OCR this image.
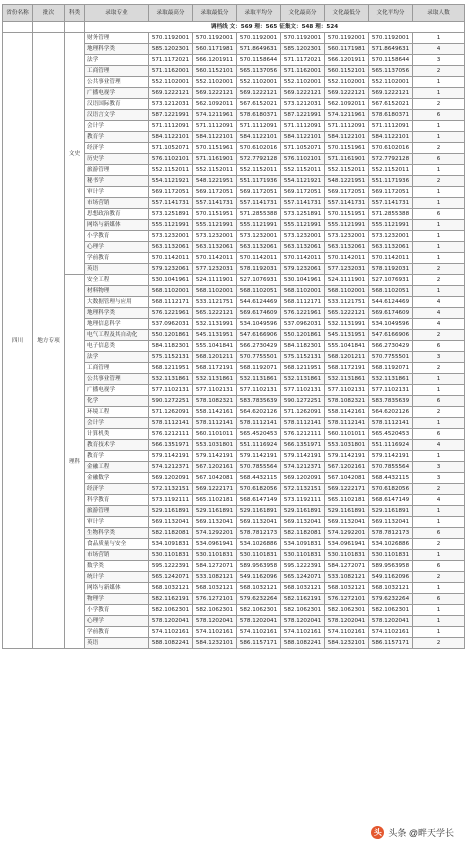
省份名称	批次	科类	录取专业	录取最高分	录取最低分	录取平均分	文化最高分	文化最低分	文化平均分	录取人数
			调档线 文：569 理：565 征集文：548 理：524							
四川	地方专项	文史	财务管理	570.1192001	570.1192001	570.1192001	570.1192001	570.1192001	570.1192001	1
			地理科学类	585.1202301	560.1171981	571.8649631	585.1202301	560.1171981	571.8649631	4
			法学	571.1172021	566.1201911	570.1158644	571.1172021	566.1201911	570.1158644	3
			工商管理	571.1162001	560.1152101	565.1137056	571.1162001	560.1152101	565.1137056	2
			公共事业管理	552.1102001	552.1102001	552.1102001	552.1102001	552.1102001	552.1102001	1
			广播电视学	569.1222121	569.1222121	569.1222121	569.1222121	569.1222121	569.1222121	1
			汉语国际教育	573.1212031	562.1092011	567.6152021	573.1212031	562.1092011	567.6152021	2
			汉语言文学	587.1221991	574.1211961	578.6180371	587.1221991	574.1211961	578.6180371	6
			会计学	571.1112091	571.1112091	571.1112091	571.1112091	571.1112091	571.1112091	1
			教育学	584.1122101	584.1122101	584.1122101	584.1122101	584.1122101	584.1122101	1
			经济学	571.1052071	570.1151961	570.6102016	571.1052071	570.1151961	570.6102016	2
			历史学	576.1102101	571.1161901	572.7792128	576.1102101	571.1161901	572.7792128	6
			旅游管理	552.1152011	552.1152011	552.1152011	552.1152011	552.1152011	552.1152011	1
			秘书学	554.1121921	548.1221951	551.1171936	554.1121921	548.1221951	551.1171936	2
			审计学	569.1172051	569.1172051	569.1172051	569.1172051	569.1172051	569.1172051	1
			市场营销	557.1141731	557.1141731	557.1141731	557.1141731	557.1141731	557.1141731	1
			思想政治教育	573.1251891	570.1151951	571.2855388	573.1251891	570.1151951	571.2855388	6
			网络与新媒体	555.1121991	555.1121991	555.1121991	555.1121991	555.1121991	555.1121991	1
			小学教育	573.1232001	573.1232001	573.1232001	573.1232001	573.1232001	573.1232001	1
			心理学	563.1132061	563.1132061	563.1132061	563.1132061	563.1132061	563.1132061	1
			学前教育	570.1142011	570.1142011	570.1142011	570.1142011	570.1142011	570.1142011	1
			英语	579.1232061	577.1232031	578.1192031	579.1232061	577.1232031	578.1192031	2
		理科	安全工程	530.1041961	524.1111901	527.1076931	530.1041961	524.1111901	527.1076931	2
			材料物理	568.1102001	568.1102001	568.1102051	568.1102001	568.1102001	568.1102051	1
			大数据管理与应用	568.1112171	533.1121751	544.6124469	568.1112171	533.1121751	544.6124469	4
			地理科学类	576.1221961	565.1222121	569.6174609	576.1221961	565.1222121	569.6174609	4
			地理信息科学	537.0962031	532.1131991	534.1049596	537.0962031	532.1131991	534.1049596	4
			电气工程及其自动化	550.1201861	545.1131951	547.6166906	550.1201861	545.1131951	547.6166906	2
			电子信息类	584.1182301	555.1041841	566.2730429	584.1182301	555.1041841	566.2730429	6
			法学	575.1152131	568.1201211	570.7755501	575.1152131	568.1201211	570.7755501	3
			工商管理	568.1211951	568.1172191	568.1192071	568.1211951	568.1172191	568.1192071	2
			公共事业管理	532.1131861	532.1131861	532.1131861	532.1131861	532.1131861	532.1131861	1
			广播电视学	577.1102131	577.1102131	577.1102131	577.1102131	577.1102131	577.1102131	1
			化学	590.1272251	578.1082321	583.7835639	590.1272251	578.1082321	583.7835639	6
			环境工程	571.1262091	558.1142161	564.6202126	571.1262091	558.1142161	564.6202126	2
			会计学	578.1112141	578.1112141	578.1112141	578.1112141	578.1112141	578.1112141	1
			计算机类	576.1212111	560.1101011	565.4520453	576.1212111	560.1101011	565.4520453	6
			教育技术学	566.1351971	553.1031801	551.1116924	566.1351971	553.1031801	551.1116924	4
			教育学	579.1142191	579.1142191	579.1142191	579.1142191	579.1142191	579.1142191	1
			金融工程	574.1212371	567.1202161	570.7855564	574.1212371	567.1202161	570.7855564	3
			金融数学	569.1202091	567.1042081	568.4432115	569.1202091	567.1042081	568.4432115	3
			经济学	572.1132151	569.1222171	570.6182056	572.1132151	569.1222171	570.6182056	2
			科学教育	573.1192111	565.1102181	568.6147149	573.1192111	565.1102181	568.6147149	4
			旅游管理	529.1161891	529.1161891	529.1161891	529.1161891	529.1161891	529.1161891	1
			审计学	569.1132041	569.1132041	569.1132041	569.1132041	569.1132041	569.1132041	1
			生物科学类	582.1182081	574.1292201	578.7812173	582.1182081	574.1292201	578.7812173	6
			食品质量与安全	534.1091831	534.0961941	534.1026886	534.1091831	534.0961941	534.1026886	2
			市场营销	530.1101831	530.1101831	530.1101831	530.1101831	530.1101831	530.1101831	1
			数学类	595.1222391	584.1272071	589.9563958	595.1222391	584.1272071	589.9563958	6
			统计学	565.1242071	533.1082121	549.1162096	565.1242071	533.1082121	549.1162096	2
			网络与新媒体	568.1032121	568.1032121	568.1032121	568.1032121	568.1032121	568.1032121	1
			物理学	582.1162191	576.1272101	579.6232264	582.1162191	576.1272101	579.6232264	6
			小学教育	582.1062301	582.1062301	582.1062301	582.1062301	582.1062301	582.1062301	1
			心理学	578.1202041	578.1202041	578.1202041	578.1202041	578.1202041	578.1202041	1
			学前教育	574.1102161	574.1102161	574.1102161	574.1102161	574.1102161	574.1102161	1
			英语	588.1082241	584.1232101	586.1157171	588.1082241	584.1232101	586.1157171	2
头 头条 @畔天学长
